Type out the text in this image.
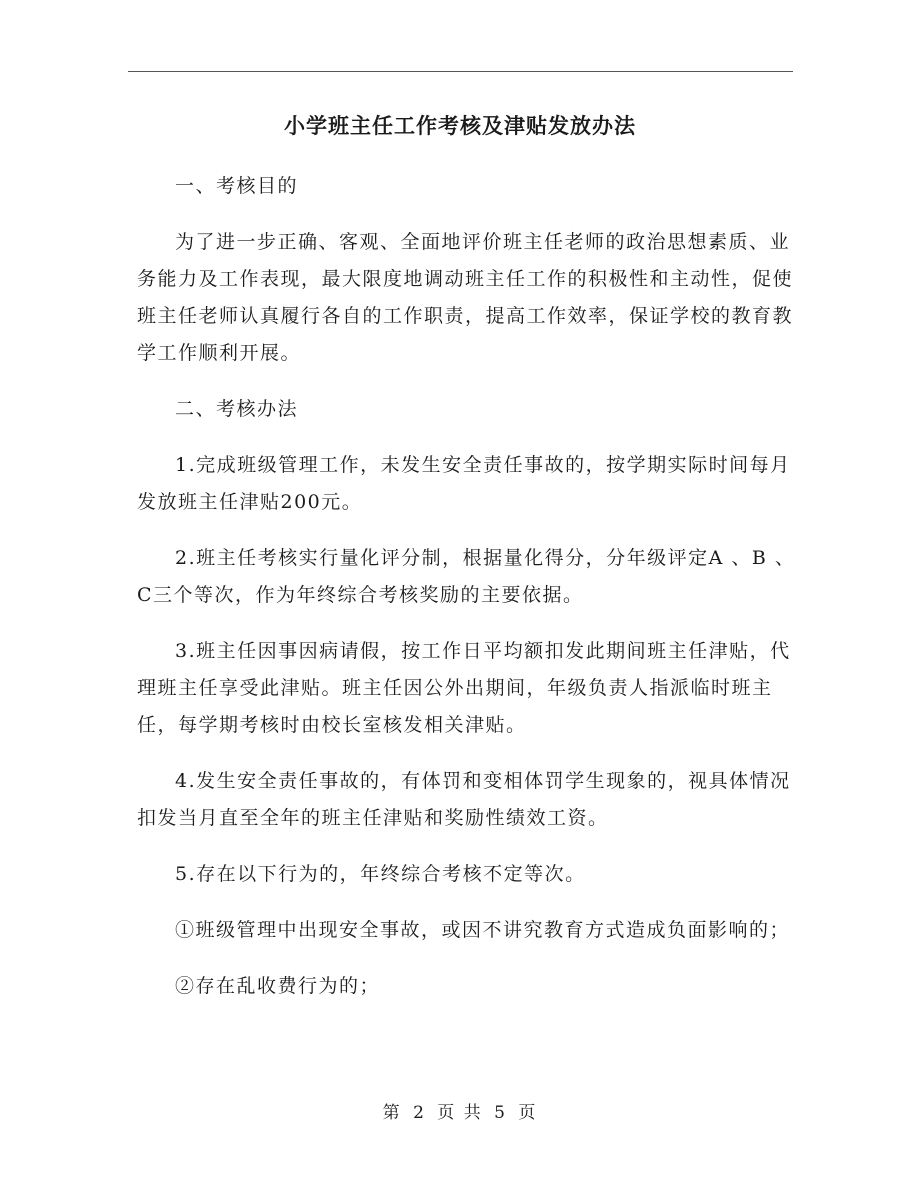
小学班主任工作考核及津贴发放办法

一、考核目的

为了进一步正确、客观、全面地评价班主任老师的政治思想素质、业务能力及工作表现，最大限度地调动班主任工作的积极性和主动性，促使班主任老师认真履行各自的工作职责，提高工作效率，保证学校的教育教学工作顺利开展。

二、考核办法

1.完成班级管理工作，未发生安全责任事故的，按学期实际时间每月发放班主任津贴200元。

2.班主任考核实行量化评分制，根据量化得分，分年级评定A 、B 、C三个等次，作为年终综合考核奖励的主要依据。

3.班主任因事因病请假，按工作日平均额扣发此期间班主任津贴，代理班主任享受此津贴。班主任因公外出期间，年级负责人指派临时班主任，每学期考核时由校长室核发相关津贴。

4.发生安全责任事故的，有体罚和变相体罚学生现象的，视具体情况扣发当月直至全年的班主任津贴和奖励性绩效工资。

5.存在以下行为的，年终综合考核不定等次。

①班级管理中出现安全事故，或因不讲究教育方式造成负面影响的；

②存在乱收费行为的；

第 2 页 共 5 页
